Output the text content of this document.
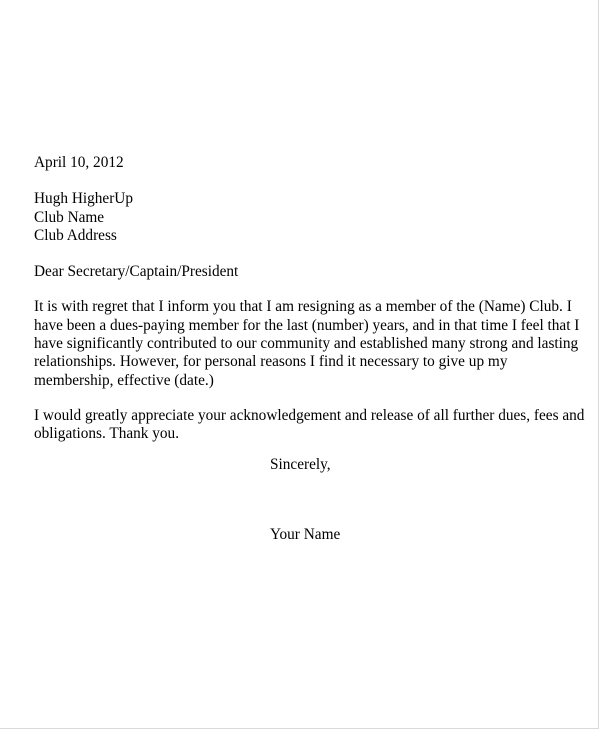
April 10, 2012
Hugh HigherUp
Club Name
Club Address
Dear Secretary/Captain/President
It is with regret that I inform you that I am resigning as a member of the (Name) Club. I
have been a dues-paying member for the last (number) years, and in that time I feel that I
have significantly contributed to our community and established many strong and lasting
relationships. However, for personal reasons I find it necessary to give up my
membership, effective (date.)
I would greatly appreciate your acknowledgement and release of all further dues, fees and
obligations. Thank you.
Sincerely,
Your Name
